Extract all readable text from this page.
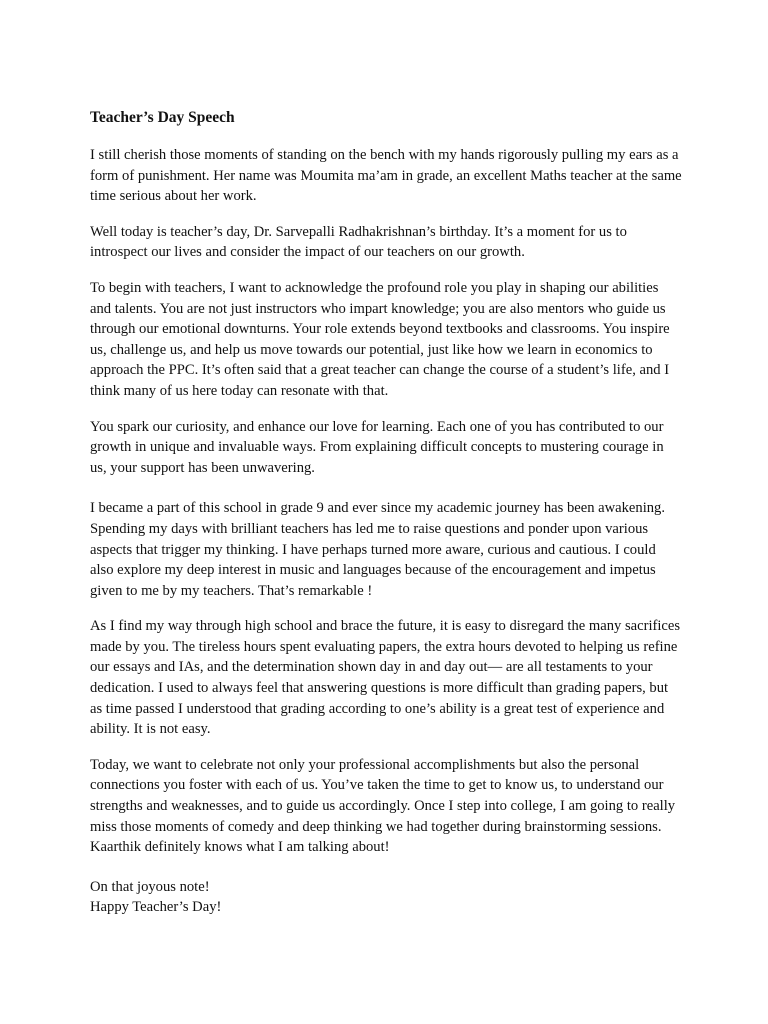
Teacher’s Day Speech

I still cherish those moments of standing on the bench with my hands rigorously pulling my ears as a form of punishment. Her name was Moumita ma’am in grade, an excellent Maths teacher at the same time serious about her work.

Well today is teacher’s day, Dr. Sarvepalli Radhakrishnan’s birthday. It’s a moment for us to introspect our lives and consider the impact of our teachers on our growth.

To begin with teachers, I want to acknowledge the profound role you play in shaping our abilities and talents. You are not just instructors who impart knowledge; you are also mentors who guide us through our emotional downturns. Your role extends beyond textbooks and classrooms. You inspire us, challenge us, and help us move towards our potential, just like how we learn in economics to approach the PPC. It’s often said that a great teacher can change the course of a student’s life, and I think many of us here today can resonate with that.

You spark our curiosity, and enhance our love for learning. Each one of you has contributed to our growth in unique and invaluable ways. From explaining difficult concepts to mustering courage in us, your support has been unwavering.

I became a part of this school in grade 9 and ever since my academic journey has been awakening. Spending my days with brilliant teachers has led me to raise questions and ponder upon various aspects that trigger my thinking. I have perhaps turned more aware, curious and cautious. I could also explore my deep interest in music and languages because of the encouragement and impetus given to me by my teachers. That’s remarkable !

As I find my way through high school and brace the future, it is easy to disregard the many sacrifices made by you. The tireless hours spent evaluating papers, the extra hours devoted to helping us refine our essays and IAs, and the determination shown day in and day out— are all testaments to your dedication. I used to always feel that answering questions is more difficult than grading papers, but as time passed I understood that grading according to one’s ability is a great test of experience and ability. It is not easy.

Today, we want to celebrate not only your professional accomplishments but also the personal connections you foster with each of us. You’ve taken the time to get to know us, to understand our strengths and weaknesses, and to guide us accordingly. Once I step into college, I am going to really miss those moments of comedy and deep thinking we had together during brainstorming sessions. Kaarthik definitely knows what I am talking about!

On that joyous note!
Happy Teacher’s Day!
